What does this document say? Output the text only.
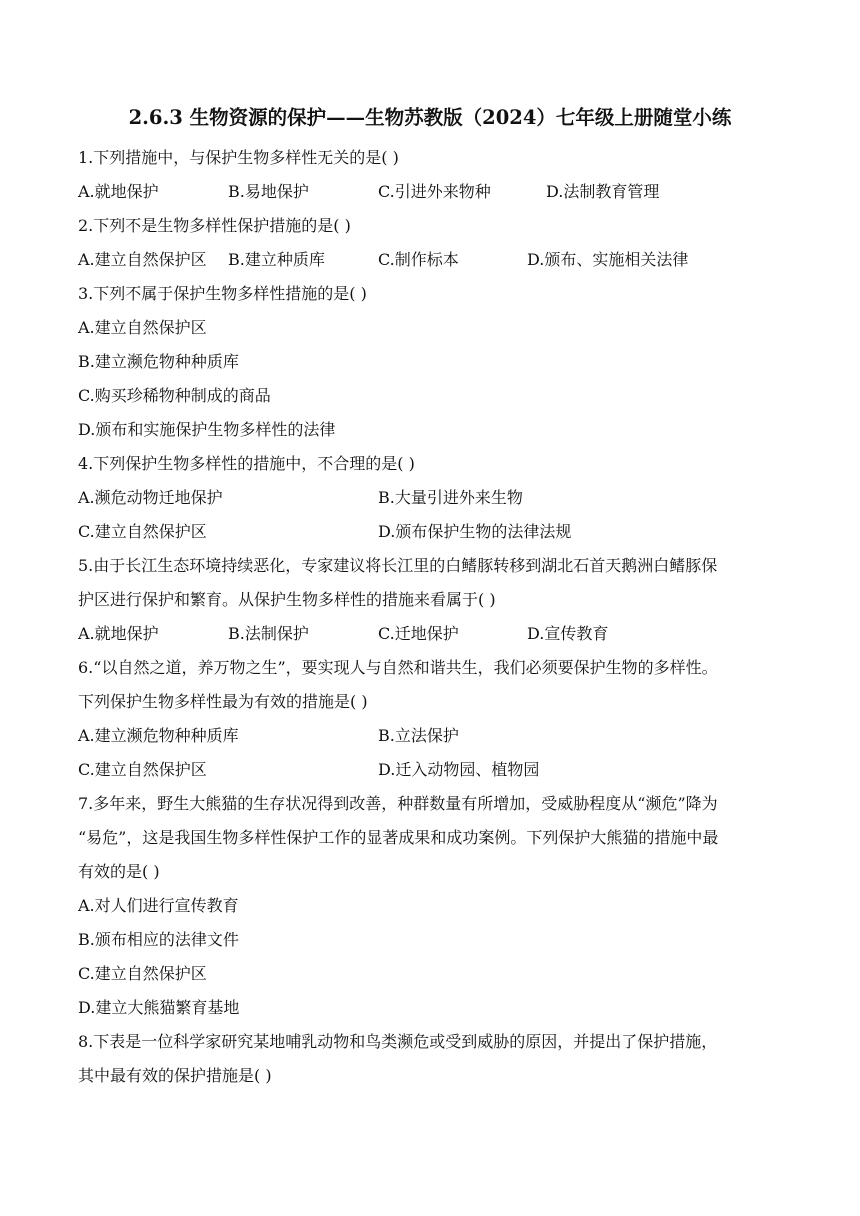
2.6.3 生物资源的保护——生物苏教版（2024）七年级上册随堂小练
1.下列措施中，与保护生物多样性无关的是( )
A.就地保护	B.易地保护	C.引进外来物种	D.法制教育管理
2.下列不是生物多样性保护措施的是( )
A.建立自然保护区 B.建立种质库	C.制作标本	D.颁布、实施相关法律
3.下列不属于保护生物多样性措施的是( )
A.建立自然保护区
B.建立濒危物种种质库
C.购买珍稀物种制成的商品
D.颁布和实施保护生物多样性的法律
4.下列保护生物多样性的措施中，不合理的是( )
A.濒危动物迁地保护	B.大量引进外来生物
C.建立自然保护区	D.颁布保护生物的法律法规
5.由于长江生态环境持续恶化，专家建议将长江里的白鳍豚转移到湖北石首天鹅洲白鳍豚保
护区进行保护和繁育。从保护生物多样性的措施来看属于( )
A.就地保护	B.法制保护	C.迁地保护	D.宣传教育
6.“以自然之道，养万物之生”，要实现人与自然和谐共生，我们必须要保护生物的多样性。
下列保护生物多样性最为有效的措施是( )
A.建立濒危物种种质库	B.立法保护
C.建立自然保护区	D.迁入动物园、植物园
7.多年来，野生大熊猫的生存状况得到改善，种群数量有所增加，受威胁程度从“濒危”降为
“易危”，这是我国生物多样性保护工作的显著成果和成功案例。下列保护大熊猫的措施中最
有效的是( )
A.对人们进行宣传教育
B.颁布相应的法律文件
C.建立自然保护区
D.建立大熊猫繁育基地
8.下表是一位科学家研究某地哺乳动物和鸟类濒危或受到威胁的原因，并提出了保护措施，
其中最有效的保护措施是( )
